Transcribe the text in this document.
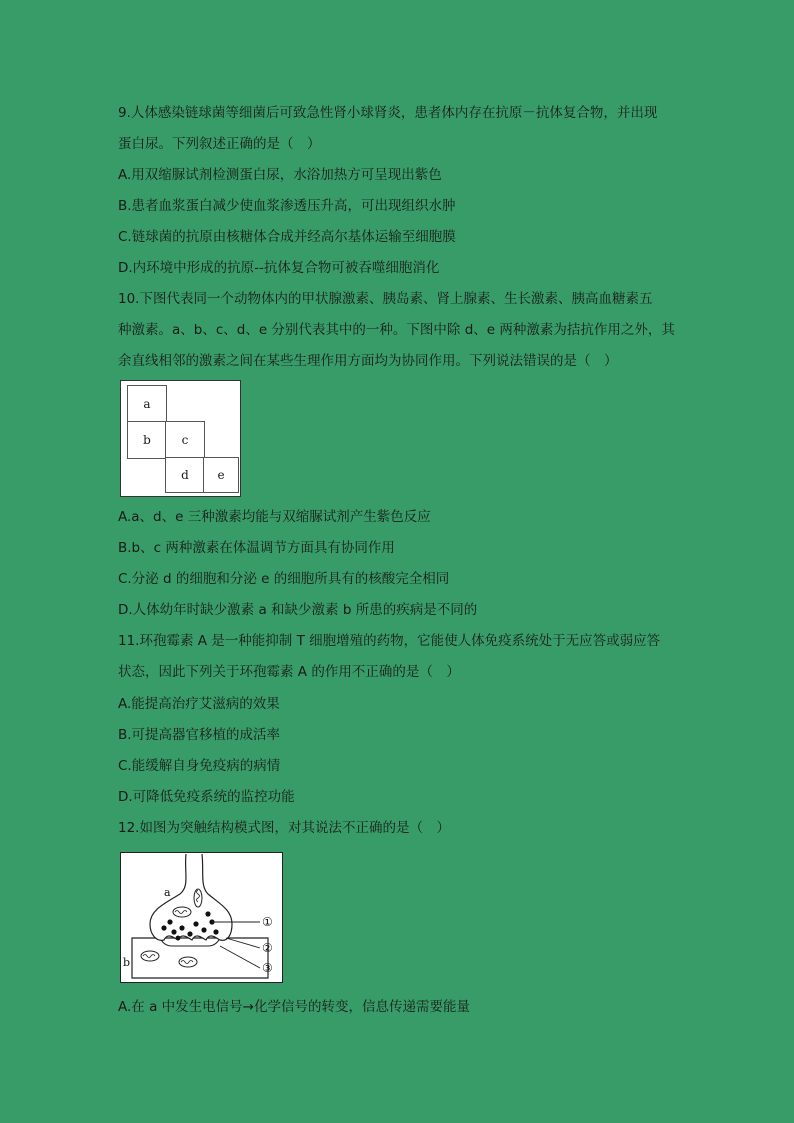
9.人体感染链球菌等细菌后可致急性肾小球肾炎，患者体内存在抗原－抗体复合物，并出现
蛋白尿。下列叙述正确的是（　）
A.用双缩脲试剂检测蛋白尿，水浴加热方可呈现出紫色
B.患者血浆蛋白减少使血浆渗透压升高，可出现组织水肿
C.链球菌的抗原由核糖体合成并经高尔基体运输至细胞膜
D.内环境中形成的抗原--抗体复合物可被吞噬细胞消化
10.下图代表同一个动物体内的甲状腺激素、胰岛素、肾上腺素、生长激素、胰高血糖素五
种激素。a、b、c、d、e 分别代表其中的一种。下图中除 d、e 两种激素为拮抗作用之外，其
余直线相邻的激素之间在某些生理作用方面均为协同作用。下列说法错误的是（　）
a
b	c
d	e
A.a、d、e 三种激素均能与双缩脲试剂产生紫色反应
B.b、c 两种激素在体温调节方面具有协同作用
C.分泌 d 的细胞和分泌 e 的细胞所具有的核酸完全相同
D.人体幼年时缺少激素 a 和缺少激素 b 所患的疾病是不同的
11.环孢霉素 A 是一种能抑制 T 细胞增殖的药物，它能使人体免疫系统处于无应答或弱应答
状态，因此下列关于环孢霉素 A 的作用不正确的是（　）
A.能提高治疗艾滋病的效果
B.可提高器官移植的成活率
C.能缓解自身免疫病的病情
D.可降低免疫系统的监控功能
12.如图为突触结构模式图，对其说法不正确的是（　）
a
b
①
②
③
A.在 a 中发生电信号→化学信号的转变，信息传递需要能量
